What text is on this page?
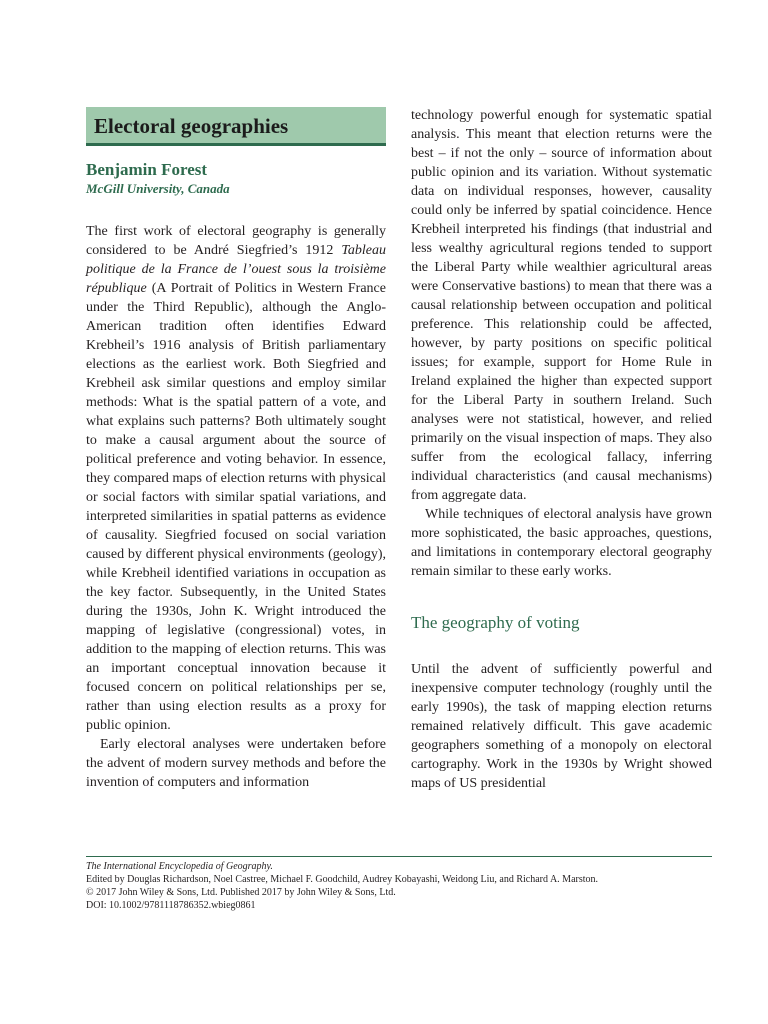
Electoral geographies
Benjamin Forest
McGill University, Canada

The first work of electoral geography is generally considered to be André Siegfried’s 1912 Tableau politique de la France de l’ouest sous la troisième république (A Portrait of Politics in Western France under the Third Republic), although the Anglo-American tradition often identifies Edward Krebheil’s 1916 analysis of British parliamentary elections as the earliest work. Both Siegfried and Krebheil ask similar questions and employ similar methods: What is the spatial pattern of a vote, and what explains such patterns? Both ultimately sought to make a causal argument about the source of political preference and voting behavior. In essence, they compared maps of election returns with physical or social factors with similar spatial variations, and interpreted similarities in spatial patterns as evidence of causality. Siegfried focused on social variation caused by different physical environments (geology), while Krebheil identified variations in occupation as the key factor. Subsequently, in the United States during the 1930s, John K. Wright introduced the mapping of legislative (congressional) votes, in addition to the mapping of election returns. This was an important conceptual innovation because it focused concern on political relationships per se, rather than using election results as a proxy for public opinion.

Early electoral analyses were undertaken before the advent of modern survey methods and before the invention of computers and information

technology powerful enough for systematic spatial analysis. This meant that election returns were the best – if not the only – source of information about public opinion and its variation. Without systematic data on individual responses, however, causality could only be inferred by spatial coincidence. Hence Krebheil interpreted his findings (that industrial and less wealthy agricultural regions tended to support the Liberal Party while wealthier agricultural areas were Conservative bastions) to mean that there was a causal relationship between occupation and political preference. This relationship could be affected, however, by party positions on specific political issues; for example, support for Home Rule in Ireland explained the higher than expected support for the Liberal Party in southern Ireland. Such analyses were not statistical, however, and relied primarily on the visual inspection of maps. They also suffer from the ecological fallacy, inferring individual characteristics (and causal mechanisms) from aggregate data.

While techniques of electoral analysis have grown more sophisticated, the basic approaches, questions, and limitations in contemporary electoral geography remain similar to these early works.

The geography of voting

Until the advent of sufficiently powerful and inexpensive computer technology (roughly until the early 1990s), the task of mapping election returns remained relatively difficult. This gave academic geographers something of a monopoly on electoral cartography. Work in the 1930s by Wright showed maps of US presidential

The International Encyclopedia of Geography.
Edited by Douglas Richardson, Noel Castree, Michael F. Goodchild, Audrey Kobayashi, Weidong Liu, and Richard A. Marston.
© 2017 John Wiley & Sons, Ltd. Published 2017 by John Wiley & Sons, Ltd.
DOI: 10.1002/9781118786352.wbieg0861
